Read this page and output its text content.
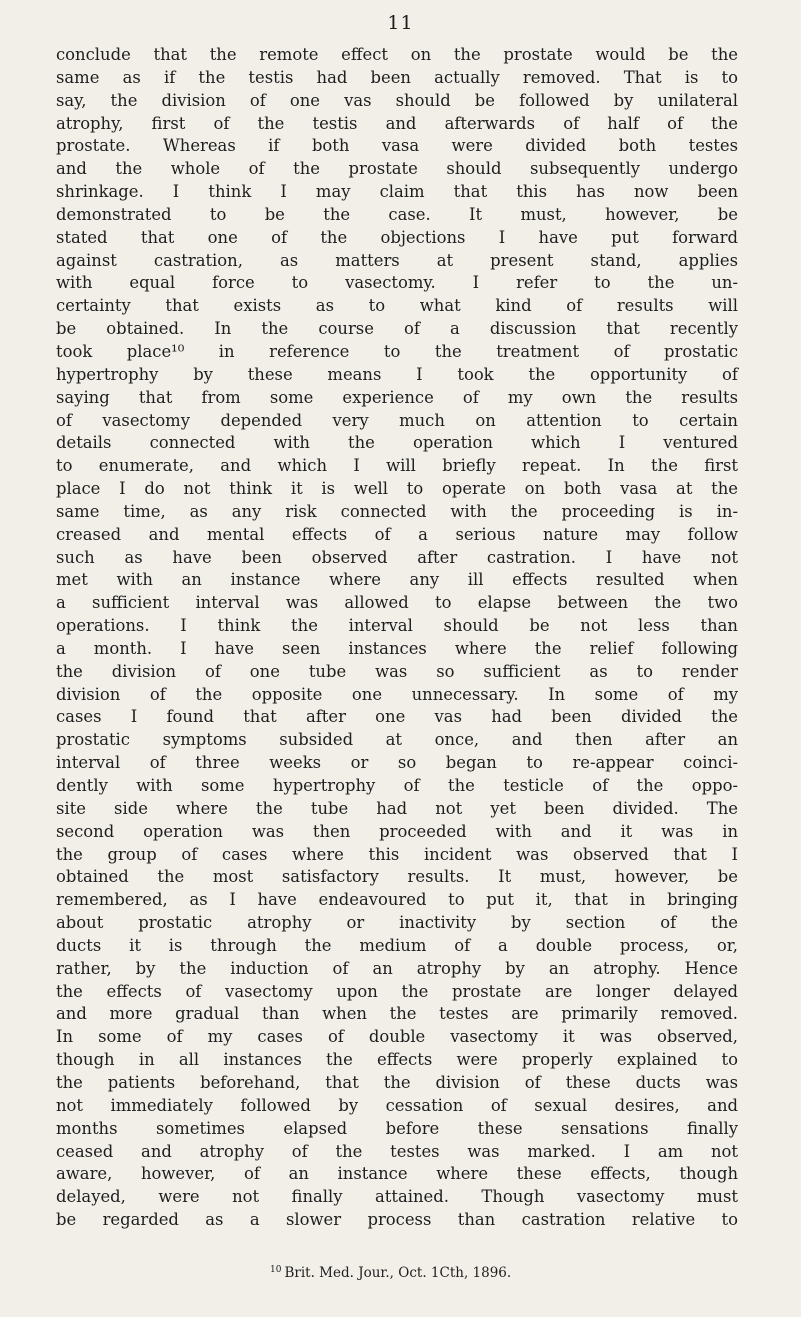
11
conclude that the remote effect on the prostate would be the
same as if the testis had been actually removed. That is to
say, the division of one vas should be followed by unilateral
atrophy, first of the testis and afterwards of half of the
prostate. Whereas if both vasa were divided both testes
and the whole of the prostate should subsequently undergo
shrinkage. I think I may claim that this has now been
demonstrated to be the case. It must, however, be
stated that one of the objections I have put forward
against castration, as matters at present stand, applies
with equal force to vasectomy. I refer to the un-
certainty that exists as to what kind of results will
be obtained. In the course of a discussion that recently
took place¹⁰ in reference to the treatment of prostatic
hypertrophy by these means I took the opportunity of
saying that from some experience of my own the results
of vasectomy depended very much on attention to certain
details connected with the operation which I ventured
to enumerate, and which I will briefly repeat. In the first
place I do not think it is well to operate on both vasa at the
same time, as any risk connected with the proceeding is in-
creased and mental effects of a serious nature may follow
such as have been observed after castration. I have not
met with an instance where any ill effects resulted when
a sufficient interval was allowed to elapse between the two
operations. I think the interval should be not less than
a month. I have seen instances where the relief following
the division of one tube was so sufficient as to render
division of the opposite one unnecessary. In some of my
cases I found that after one vas had been divided the
prostatic symptoms subsided at once, and then after an
interval of three weeks or so began to re-appear coinci-
dently with some hypertrophy of the testicle of the oppo-
site side where the tube had not yet been divided. The
second operation was then proceeded with and it was in
the group of cases where this incident was observed that I
obtained the most satisfactory results. It must, however, be
remembered, as I have endeavoured to put it, that in bringing
about prostatic atrophy or inactivity by section of the
ducts it is through the medium of a double process, or,
rather, by the induction of an atrophy by an atrophy. Hence
the effects of vasectomy upon the prostate are longer delayed
and more gradual than when the testes are primarily removed.
In some of my cases of double vasectomy it was observed,
though in all instances the effects were properly explained to
the patients beforehand, that the division of these ducts was
not immediately followed by cessation of sexual desires, and
months sometimes elapsed before these sensations finally
ceased and atrophy of the testes was marked. I am not
aware, however, of an instance where these effects, though
delayed, were not finally attained. Though vasectomy must
be regarded as a slower process than castration relative to
$^{10}$ Brit. Med. Jour., Oct. 1Cth, 1896.
